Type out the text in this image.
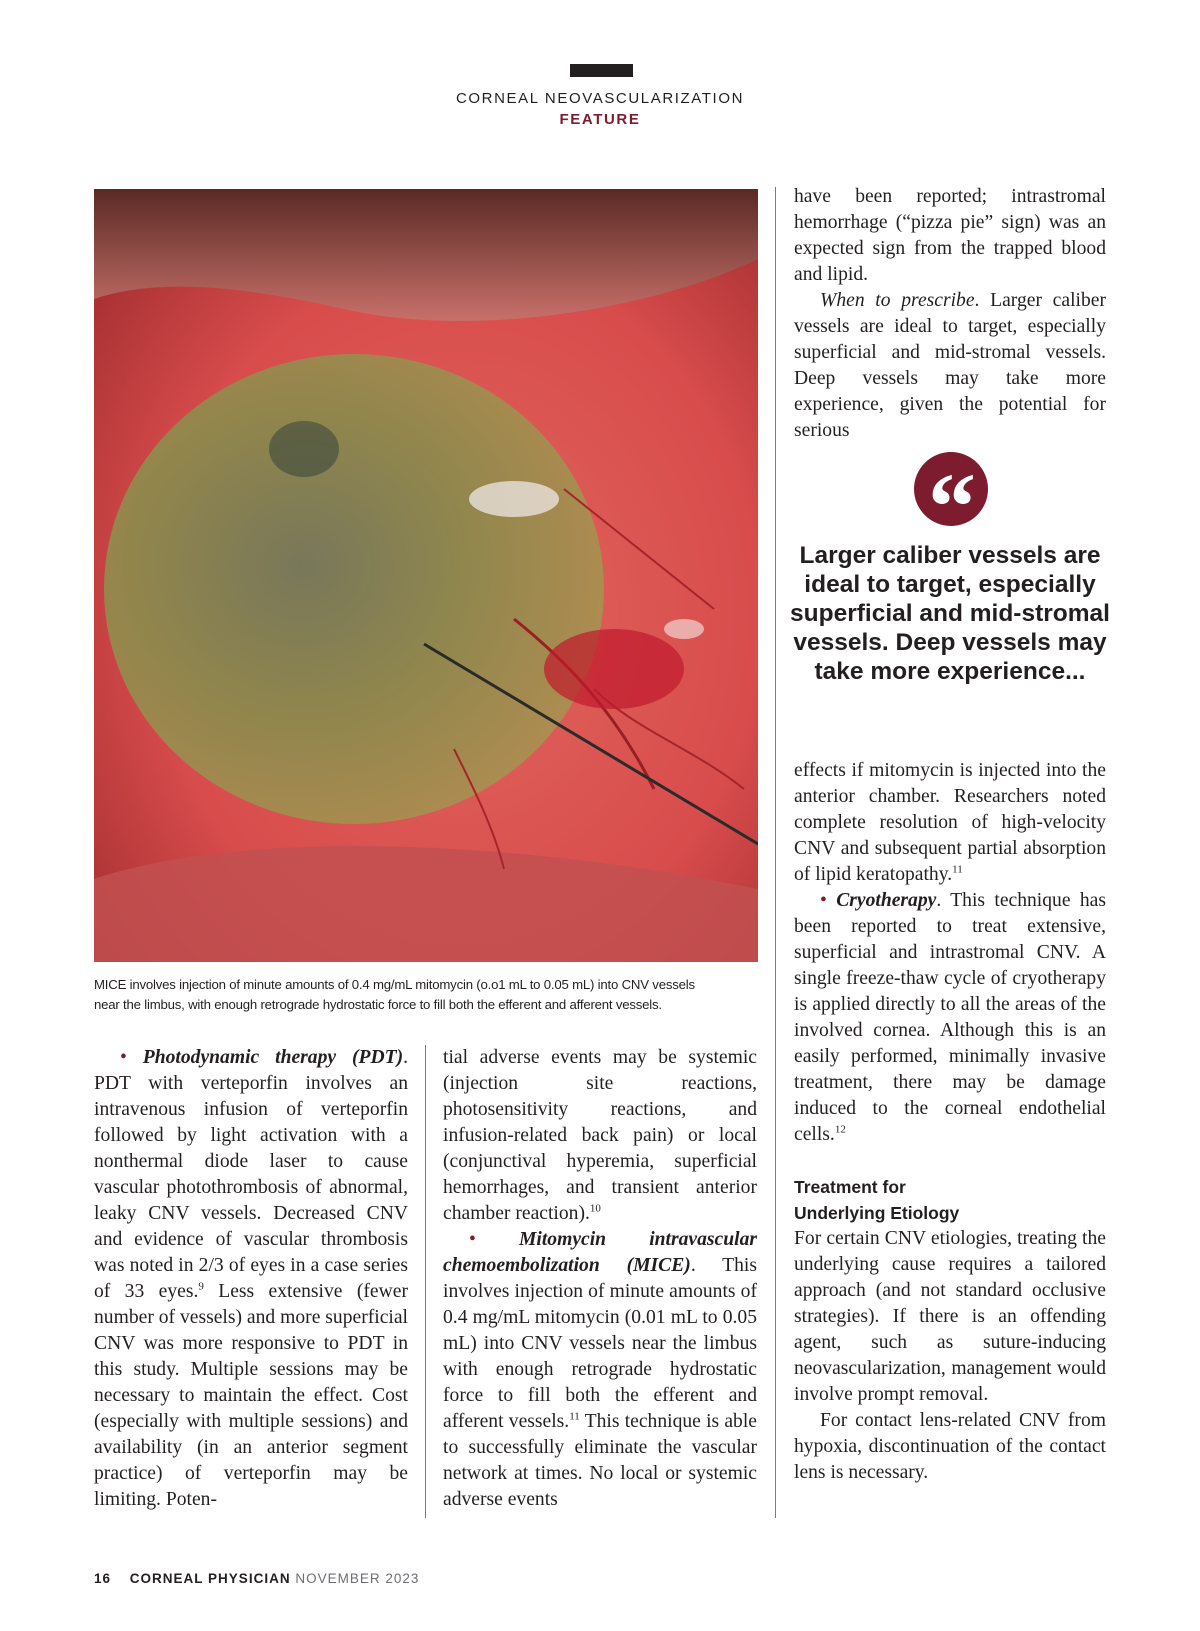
CORNEAL NEOVASCULARIZATION
FEATURE
MICE involves injection of minute amounts of 0.4 mg/mL mitomycin (o.o1 mL to 0.05 mL) into CNV vessels
near the limbus, with enough retrograde hydrostatic force to fill both the efferent and afferent vessels.

• Photodynamic therapy (PDT). PDT with verteporfin involves an intravenous infusion of verteporfin followed by light activation with a nonthermal diode laser to cause vascular photothrombosis of abnormal, leaky CNV vessels. Decreased CNV and evidence of vascular thrombosis was noted in 2/3 of eyes in a case series of 33 eyes.$^9$ Less extensive (fewer number of vessels) and more superficial CNV was more responsive to PDT in this study. Multiple sessions may be necessary to maintain the effect. Cost (especially with multiple sessions) and availability (in an anterior segment practice) of verteporfin may be limiting. Poten-

tial adverse events may be systemic (injection site reactions, photosensitivity reactions, and infusion-related back pain) or local (conjunctival hyperemia, superficial hemorrhages, and transient anterior chamber reaction).$^{10}$

• Mitomycin intravascular chemoembolization (MICE). This involves injection of minute amounts of 0.4 mg/mL mitomycin (0.01 mL to 0.05 mL) into CNV vessels near the limbus with enough retrograde hydrostatic force to fill both the efferent and afferent vessels.$^{11}$ This technique is able to successfully eliminate the vascular network at times. No local or systemic adverse events

have been reported; intrastromal hemorrhage (“pizza pie” sign) was an expected sign from the trapped blood and lipid.

When to prescribe. Larger caliber vessels are ideal to target, especially superficial and mid-stromal vessels. Deep vessels may take more experience, given the potential for serious

“
Larger caliber vessels are ideal to target, especially superficial and mid-stromal vessels. Deep vessels may take more experience...

effects if mitomycin is injected into the anterior chamber. Researchers noted complete resolution of high-velocity CNV and subsequent partial absorption of lipid keratopathy.$^{11}$

• Cryotherapy. This technique has been reported to treat extensive, superficial and intrastromal CNV. A single freeze-thaw cycle of cryotherapy is applied directly to all the areas of the involved cornea. Although this is an easily performed, minimally invasive treatment, there may be damage induced to the corneal endothelial cells.$^{12}$

Treatment for
Underlying Etiology

For certain CNV etiologies, treating the underlying cause requires a tailored approach (and not standard occlusive strategies). If there is an offending agent, such as suture-inducing neovascularization, management would involve prompt removal.

For contact lens-related CNV from hypoxia, discontinuation of the contact lens is necessary.

16 CORNEAL PHYSICIAN NOVEMBER 2023
